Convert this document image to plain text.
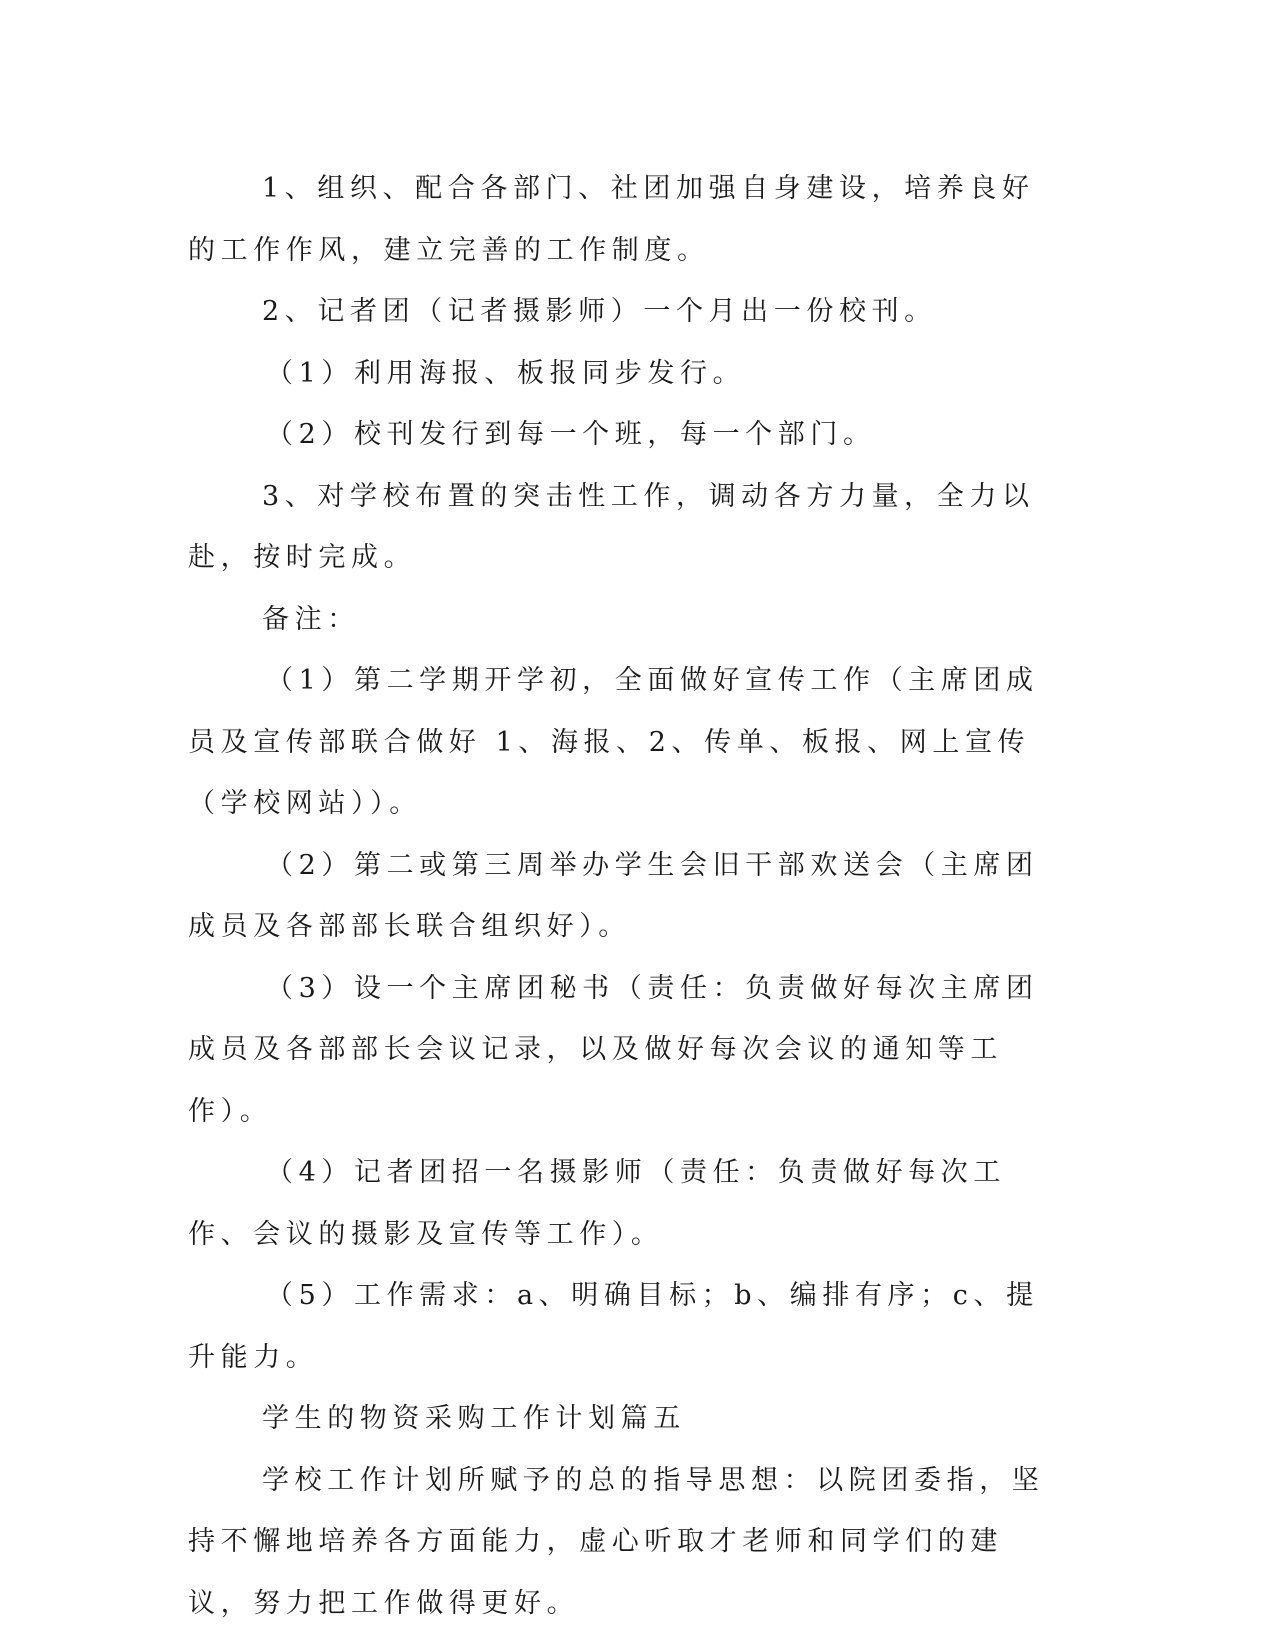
1、组织、配合各部门、社团加强自身建设，培养良好的工作作风，建立完善的工作制度。

2、记者团（记者摄影师）一个月出一份校刊。

（1）利用海报、板报同步发行。

（2）校刊发行到每一个班，每一个部门。

3、对学校布置的突击性工作，调动各方力量，全力以赴，按时完成。

备注：

（1）第二学期开学初，全面做好宣传工作（主席团成员及宣传部联合做好 1、海报、2、传单、板报、网上宣传（学校网站））。

（2）第二或第三周举办学生会旧干部欢送会（主席团成员及各部部长联合组织好）。

（3）设一个主席团秘书（责任：负责做好每次主席团成员及各部部长会议记录，以及做好每次会议的通知等工作）。

（4）记者团招一名摄影师（责任：负责做好每次工作、会议的摄影及宣传等工作）。

（5）工作需求：a、明确目标；b、编排有序；c、提升能力。

学生的物资采购工作计划篇五

学校工作计划所赋予的总的指导思想：以院团委指，坚持不懈地培养各方面能力，虚心听取才老师和同学们的建议，努力把工作做得更好。
